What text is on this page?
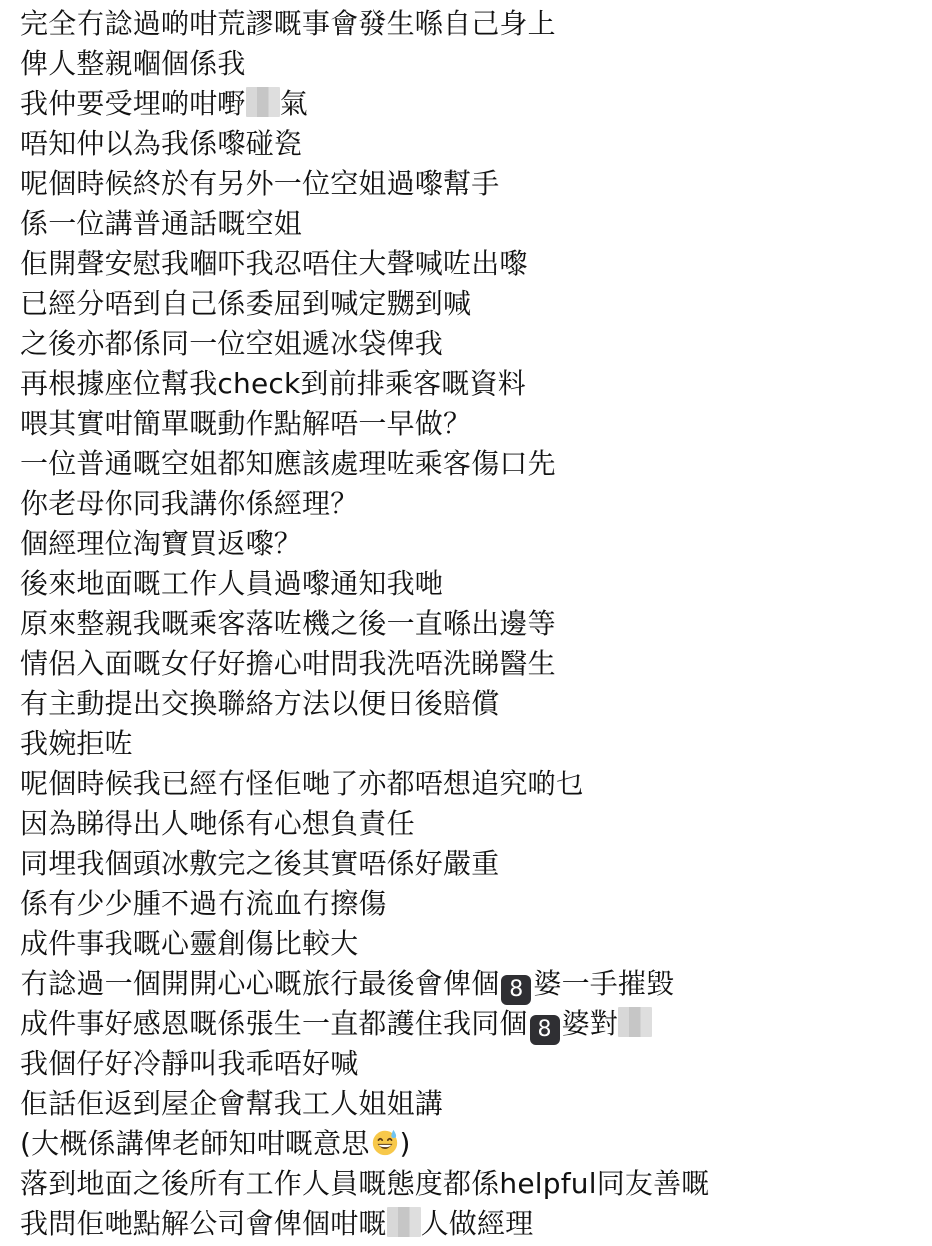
完全冇諗過啲咁荒謬嘅事會發生喺自己身上
俾人整親嗰個係我
我仲要受埋啲咁嘢 氣
唔知仲以為我係嚟碰瓷
呢個時候終於有另外一位空姐過嚟幫手
係一位講普通話嘅空姐
佢開聲安慰我嗰吓我忍唔住大聲喊咗出嚟
已經分唔到自己係委屈到喊定嬲到喊
之後亦都係同一位空姐遞冰袋俾我
再根據座位幫我check到前排乘客嘅資料
喂其實咁簡單嘅動作點解唔一早做？
一位普通嘅空姐都知應該處理咗乘客傷口先
你老母你同我講你係經理？
個經理位淘寶買返嚟？
後來地面嘅工作人員過嚟通知我哋
原來整親我嘅乘客落咗機之後一直喺出邊等
情侶入面嘅女仔好擔心咁問我洗唔洗睇醫生
有主動提出交換聯絡方法以便日後賠償
我婉拒咗
呢個時候我已經冇怪佢哋了亦都唔想追究啲乜
因為睇得出人哋係有心想負責任
同埋我個頭冰敷完之後其實唔係好嚴重
係有少少腫不過冇流血冇擦傷
成件事我嘅心靈創傷比較大
冇諗過一個開開心心嘅旅行最後會俾個 8 婆一手摧毀
成件事好感恩嘅係張生一直都護住我同個 8 婆對
我個仔好冷靜叫我乖唔好喊
佢話佢返到屋企會幫我工人姐姐講
(大概係講俾老師知咁嘅意思 )
落到地面之後所有工作人員嘅態度都係helpful同友善嘅
我問佢哋點解公司會俾個咁嘅 人做經理
